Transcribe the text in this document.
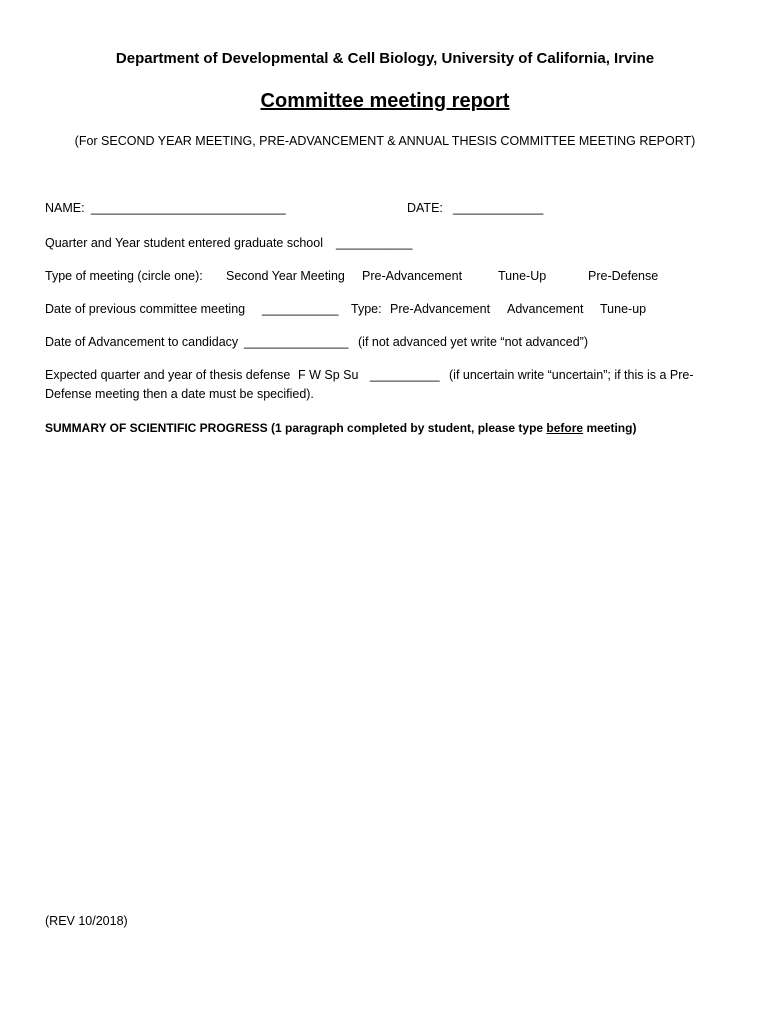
Department of Developmental & Cell Biology, University of California, Irvine
Committee meeting report
(For SECOND YEAR MEETING, PRE-ADVANCEMENT & ANNUAL THESIS COMMITTEE MEETING REPORT)
NAME: ____________________________	DATE: _____________
Quarter and Year student entered graduate school ___________
Type of meeting (circle one): Second Year Meeting Pre-Advancement	Tune-Up	Pre-Defense
Date of previous committee meeting ___________ Type: Pre-Advancement Advancement Tune-up
Date of Advancement to candidacy _______________ (if not advanced yet write “not advanced”)
Expected quarter and year of thesis defense F W Sp Su __________ (if uncertain write “uncertain”; if this is a Pre-
Defense meeting then a date must be specified).
SUMMARY OF SCIENTIFIC PROGRESS (1 paragraph completed by student, please type before meeting)
(REV 10/2018)
